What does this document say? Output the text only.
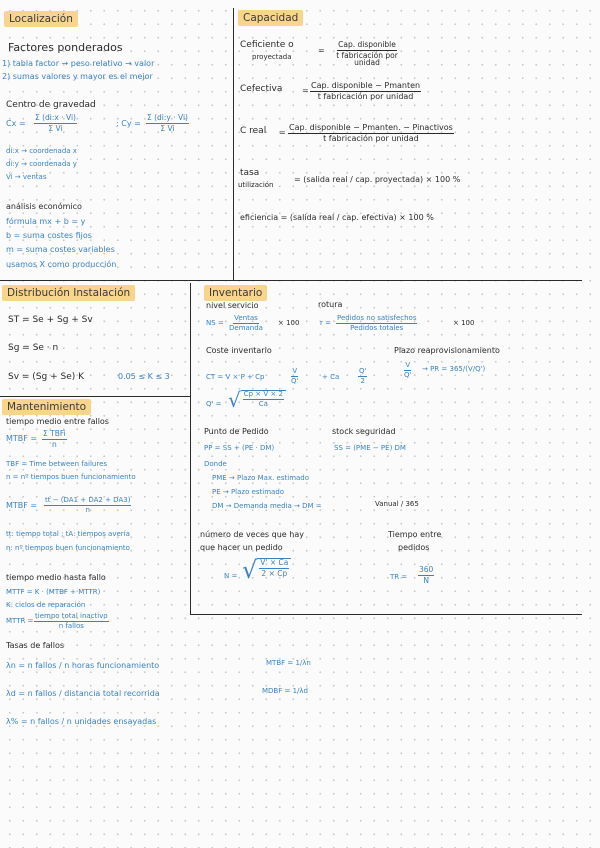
Localización
Factores ponderados
1) tabla factor → peso relativo → valor
2) sumas valores y mayor es el mejor
Centro de gravedad
$Cx = \frac{\Sigma (di:x \cdot Vi)}{\text{Σ Vi}}$	; $Cy = \frac{\Sigma (di:y \cdot Vi)}{\text{Σ Vi}}$
di:x → coordenada x
di:y → coordenada y
Vi → ventas
análisis económico
fórmula mx + b = y
b = suma costes fijos
m = suma costes variables
usamos X como producción
Capacidad
Ceficiente o
proyectada
=
Cap. disponible
t fabricación por unidad
Cefectiva =
Cap. disponible − Pmanten
t fabricación por unidad
C real =
Cap. disponible − Pmanten. − Pinactivos
t fabricación por unidad
tasa
utilización
= (salida real / cap. proyectada) × 100 %
eficiencia = (salida real / cap. efectiva) × 100 %
Distribución Instalación
ST = Se + Sg + Sv
Sg = Se · n
Sv = (Sg + Se) K	0.05 ≤ K ≤ 3
Mantenimiento
tiempo medio entre fallos
MTBF =
Σ TBFi
n
TBF = Time between failures
n = nº tiempos buen funcionamiento
MTBF = $\frac{tt - (DA1 + DA2 + DA3)}{n}$
tt: tiempo total ; tA: tiempos avería
n: nº tiempos buen funcionamiento
tiempo medio hasta fallo
MTTF = K · (MTBF + MTTR)
K: ciclos de reparación
MTTR =
tiempo total inactivo
n fallos
Tasas de fallos
λn = n fallos / n horas funcionamiento	MTBF = 1/λn
λd = n fallos / distancia total recorrida	MDBF = 1/λd
λ% = n fallos / n unidades ensayadas
Inventario
nivel servicio
NS =
Ventas
Demanda
× 100
rotura
r =
Pedidos no satisfechos
Pedidos totales
× 100
Coste inventario
CT = V × P + Cp	$\frac{V}{Q'}$	+ Ca	$\frac{Q'}{2}$
Plazo reaprovisionamiento
$\frac{V}{Q'}$ → PR = 365/(V/Q')
Q' = √ $\frac{Cp \times V \times 2}{Ca}$
Punto de Pedido
PP = SS + (PE · DM)
stock seguridad
SS = (PME − PE) DM
Donde
PME → Plazo Max. estimado
PE → Plazo estimado
DM → Demanda media → DM =	Vanual / 365
número de veces que hay
que hacer un pedido
N = √ $\frac{V' \times Ca}{2 \times Cp}$
Tiempo entre
pedidos
TR = $\frac{360}{N}$
